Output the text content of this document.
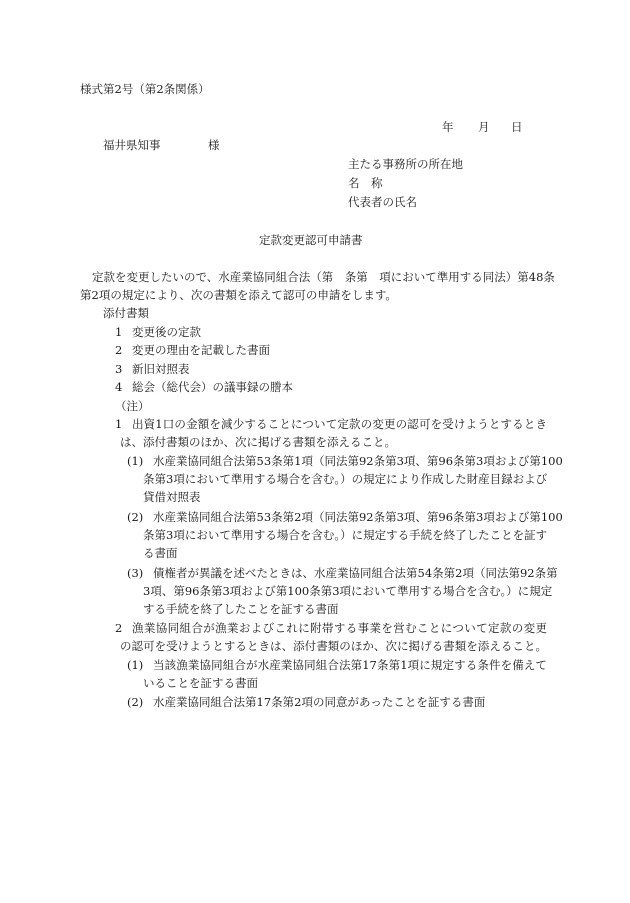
様式第2号（第2条関係）
年 月 日
福井県知事	様
主たる事務所の所在地
名　称
代表者の氏名
定款変更認可申請書
定款を変更したいので、水産業協同組合法（第　条第　項において準用する同法）第48条
第2項の規定により、次の書類を添えて認可の申請をします。
添付書類
1 変更後の定款
2 変更の理由を記載した書面
3 新旧対照表
4 総会（総代会）の議事録の謄本
（注）
1 出資1口の金額を減少することについて定款の変更の認可を受けようとするとき
は、添付書類のほか、次に掲げる書類を添えること。
(1) 水産業協同組合法第53条第1項（同法第92条第3項、第96条第3項および第100
条第3項において準用する場合を含む。）の規定により作成した財産目録および
貸借対照表
(2) 水産業協同組合法第53条第2項（同法第92条第3項、第96条第3項および第100
条第3項において準用する場合を含む。）に規定する手続を終了したことを証す
る書面
(3) 債権者が異議を述べたときは、水産業協同組合法第54条第2項（同法第92条第
3項、第96条第3項および第100条第3項において準用する場合を含む。）に規定
する手続を終了したことを証する書面
2 漁業協同組合が漁業およびこれに附帯する事業を営むことについて定款の変更
の認可を受けようとするときは、添付書類のほか、次に掲げる書類を添えること。
(1) 当該漁業協同組合が水産業協同組合法第17条第1項に規定する条件を備えて
いることを証する書面
(2) 水産業協同組合法第17条第2項の同意があったことを証する書面
